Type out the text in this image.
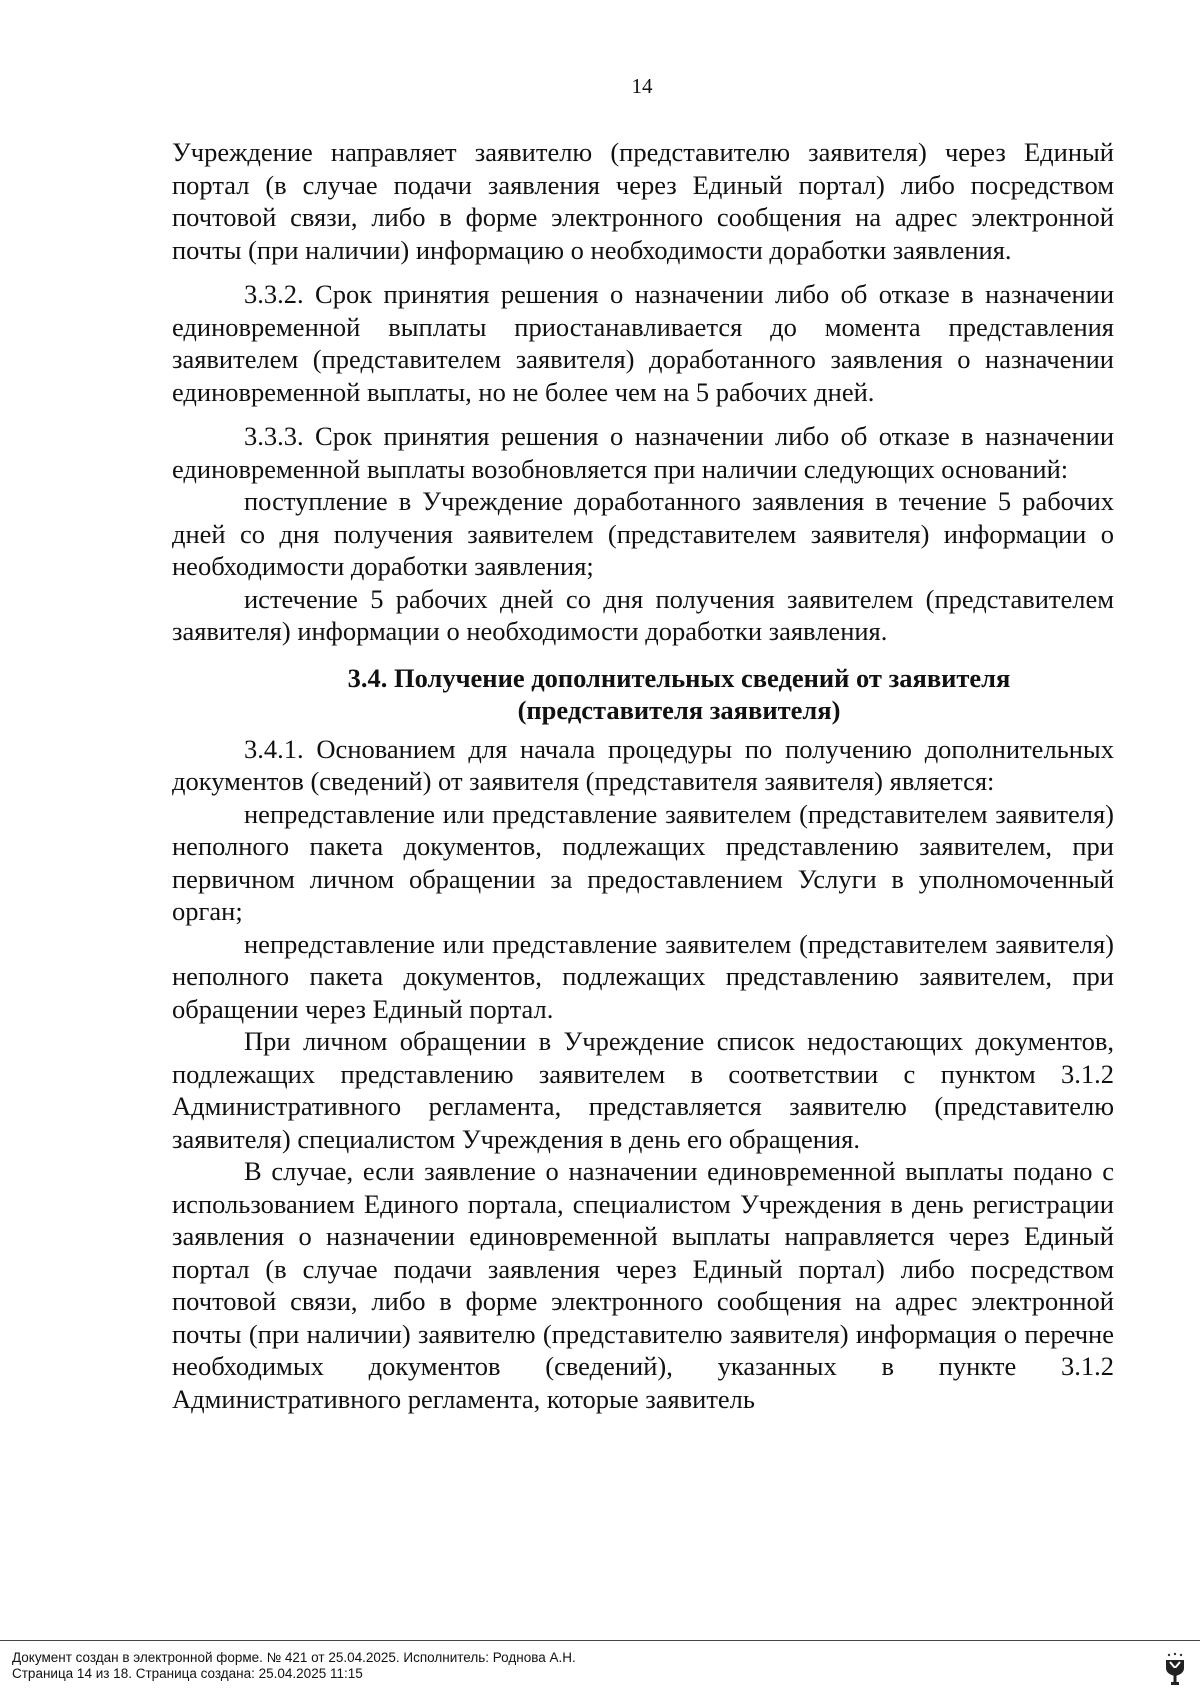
14

Учреждение направляет заявителю (представителю заявителя) через Единый портал (в случае подачи заявления через Единый портал) либо посредством почтовой связи, либо в форме электронного сообщения на адрес электронной почты (при наличии) информацию о необходимости доработки заявления.

3.3.2. Срок принятия решения о назначении либо об отказе в назначении единовременной выплаты приостанавливается до момента представления заявителем (представителем заявителя) доработанного заявления о назначении единовременной выплаты, но не более чем на 5 рабочих дней.

3.3.3. Срок принятия решения о назначении либо об отказе в назначении единовременной выплаты возобновляется при наличии следующих оснований:

поступление в Учреждение доработанного заявления в течение 5 рабочих дней со дня получения заявителем (представителем заявителя) информации о необходимости доработки заявления;

истечение 5 рабочих дней со дня получения заявителем (представителем заявителя) информации о необходимости доработки заявления.

3.4. Получение дополнительных сведений от заявителя
(представителя заявителя)

3.4.1. Основанием для начала процедуры по получению дополнительных документов (сведений) от заявителя (представителя заявителя) является:

непредставление или представление заявителем (представителем заявителя) неполного пакета документов, подлежащих представлению заявителем, при первичном личном обращении за предоставлением Услуги в уполномоченный орган;

непредставление или представление заявителем (представителем заявителя) неполного пакета документов, подлежащих представлению заявителем, при обращении через Единый портал.

При личном обращении в Учреждение список недостающих документов, подлежащих представлению заявителем в соответствии с пунктом 3.1.2 Административного регламента, представляется заявителю (представителю заявителя) специалистом Учреждения в день его обращения.

В случае, если заявление о назначении единовременной выплаты подано с использованием Единого портала, специалистом Учреждения в день регистрации заявления о назначении единовременной выплаты направляется через Единый портал (в случае подачи заявления через Единый портал) либо посредством почтовой связи, либо в форме электронного сообщения на адрес электронной почты (при наличии) заявителю (представителю заявителя) информация о перечне необходимых документов (сведений), указанных в пункте 3.1.2 Административного регламента, которые заявитель

Документ создан в электронной форме. № 421 от 25.04.2025. Исполнитель: Роднова А.Н.
Страница 14 из 18. Страница создана: 25.04.2025 11:15
